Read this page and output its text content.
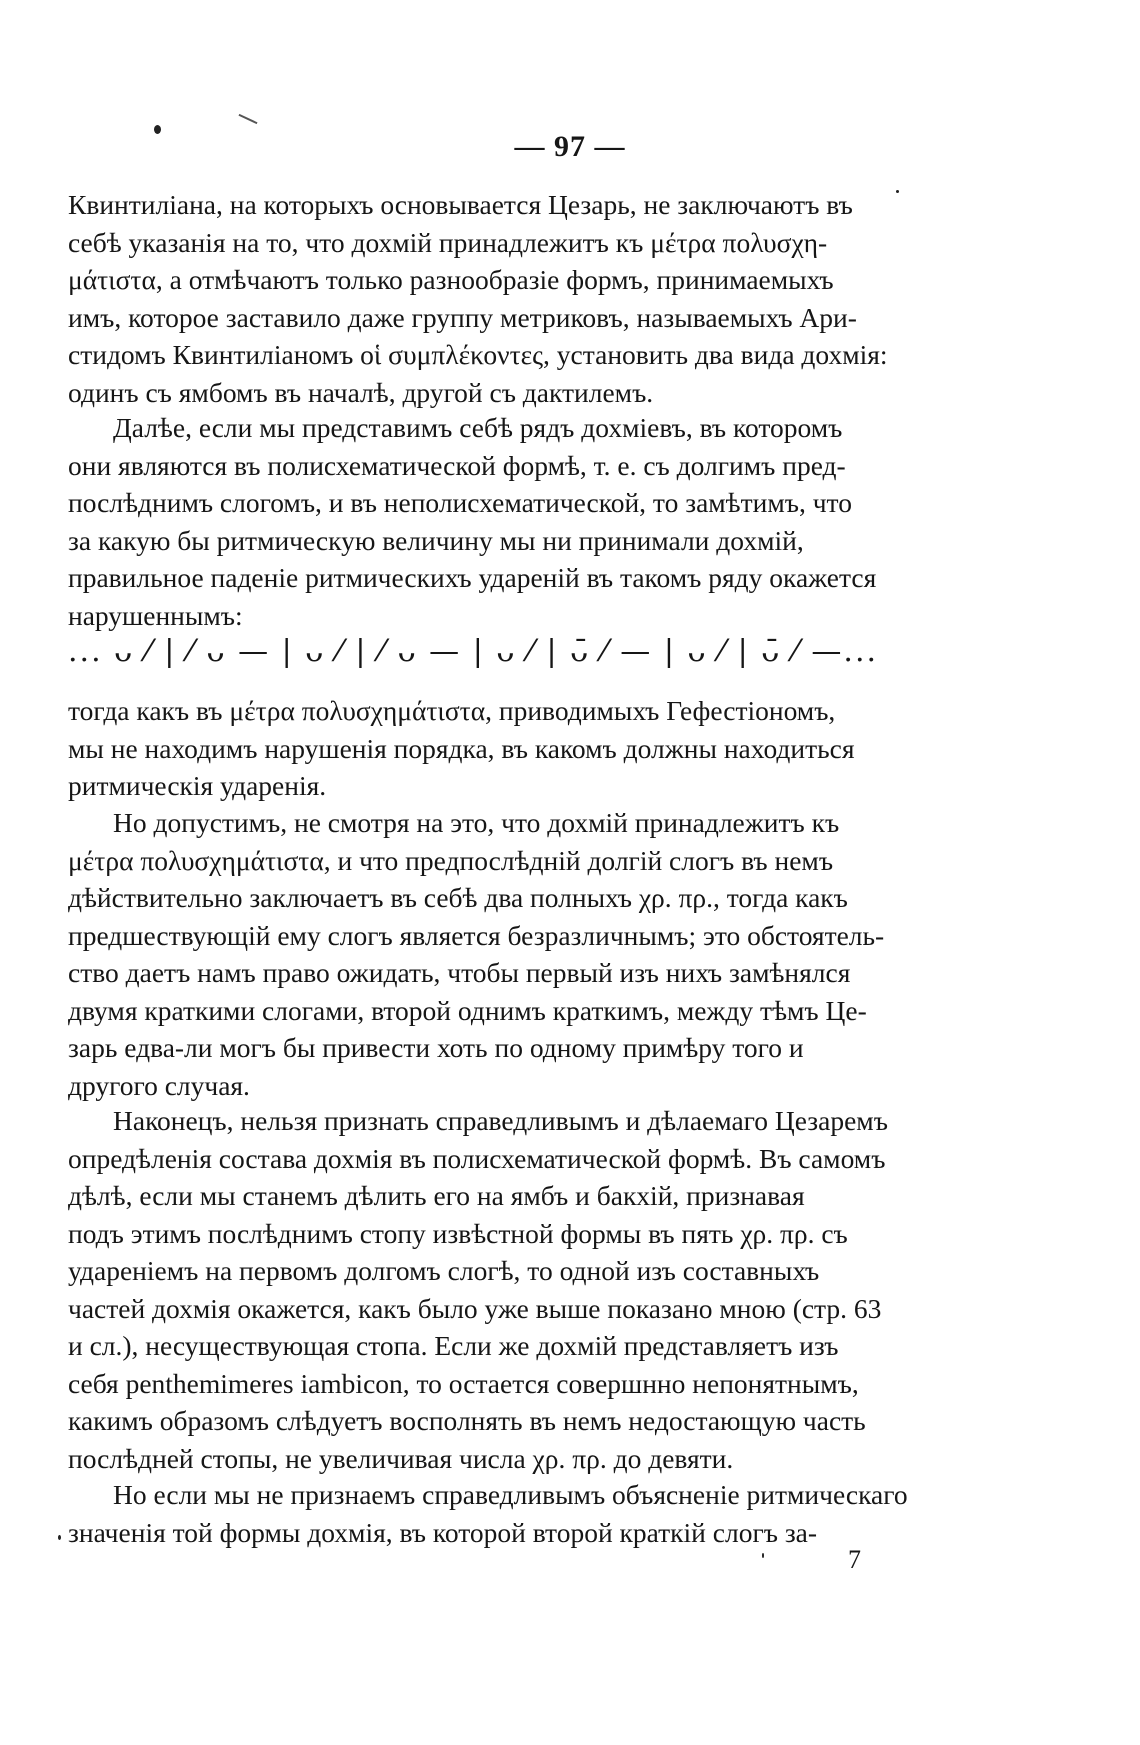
— 97 —

Квинтиліана, на которыхъ основывается Цезарь, не заключаютъ въ

себѣ указанія на то, что дохмій принадлежитъ къ μέτρα πολυσχη-

μάτιστα, а отмѣчаютъ только разнообразіе формъ, принимаемыхъ

имъ, которое заставило даже группу метриковъ, называемыхъ Ари-

стидомъ Квинтиліаномъ οἱ συμπλέκοντες, установить два вида дохмія:

одинъ съ ямбомъ въ началѣ, другой съ дактилемъ.

Далѣе, если мы представимъ себѣ рядъ дохміевъ, въ которомъ

они являются въ полисхематической формѣ, т. е. съ долгимъ пред-

послѣднимъ слогомъ, и въ неполисхематической, то замѣтимъ, что

за какую бы ритмическую величину мы ни принимали дохмій,

правильное паденіе ритмическихъ ударенiй въ такомъ ряду окажется

нарушеннымъ:

... ᴗ ⁄ | ⁄ ᴗ — | ᴗ ⁄ | ⁄ ᴗ — | ᴗ ⁄ | ᴗ̄ ⁄ — | ᴗ ⁄ | ᴗ̄ ⁄ —...

тогда какъ въ μέτρα πολυσχημάτιστα, приводимыхъ Гефестіономъ,

мы не находимъ нарушенія порядка, въ какомъ должны находиться

ритмическія ударенія.

Но допустимъ, не смотря на это, что дохмій принадлежитъ къ

μέτρα πολυσχημάτιστα, и что предпослѣдній долгій слогъ въ немъ

дѣйствительно заключаетъ въ себѣ два полныхъ χρ. πρ., тогда какъ

предшествующій ему слогъ является безразличнымъ; это обстоятель-

ство даетъ намъ право ожидать, чтобы первый изъ нихъ замѣнялся

двумя краткими слогами, второй однимъ краткимъ, между тѣмъ Це-

зарь едва-ли могъ бы привести хоть по одному примѣру того и

другого случая.

Наконецъ, нельзя признать справедливымъ и дѣлаемаго Цезаремъ

опредѣленія состава дохмія въ полисхематической формѣ. Въ самомъ

дѣлѣ, если мы станемъ дѣлить его на ямбъ и бакхій, признавая

подъ этимъ послѣднимъ стопу извѣстной формы въ пять χρ. πρ. съ

удареніемъ на первомъ долгомъ слогѣ, то одной изъ составныхъ

частей дохмія окажется, какъ было уже выше показано мною (стр. 63

и сл.), несуществующая стопа. Если же дохмій представляетъ изъ

себя penthemimeres iambicon, то остается совершнно непонятнымъ,

какимъ образомъ слѣдуетъ восполнять въ немъ недостающую часть

послѣдней стопы, не увеличивая числа χρ. πρ. до девяти.

Но если мы не признаемъ справедливымъ объясненіе ритмическаго

значенія той формы дохмія, въ которой второй краткій слогъ за-

7
